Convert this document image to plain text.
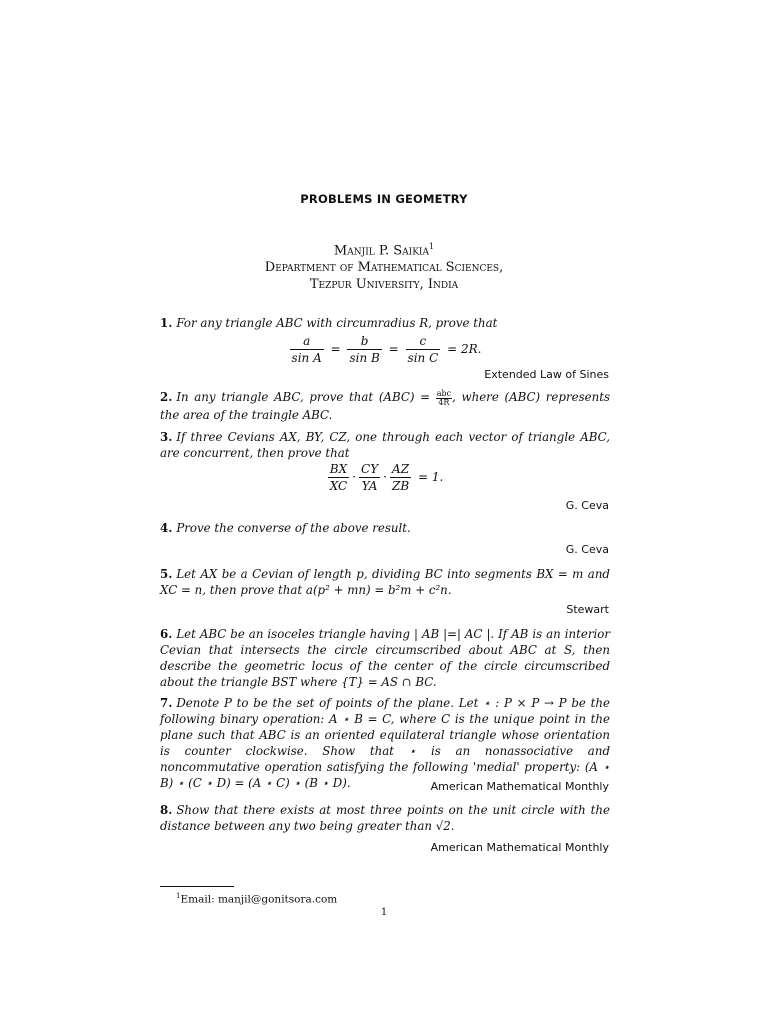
PROBLEMS IN GEOMETRY
Manjil P. Saikia$^1$
Department of Mathematical Sciences,
Tezpur University, India
1. For any triangle ABC with circumradius R, prove that
$\frac{a}{\text{sin A}} = \frac{b}{\text{sin B}} = \frac{c}{\text{sin C}} = 2R$.
Extended Law of Sines
2. In any triangle ABC, prove that (ABC) = abc
4R , where (ABC) represents the area of the traingle ABC.
3. If three Cevians AX, BY, CZ, one through each vector of triangle ABC, are concurrent, then prove that
$\frac{BX}{XC} \cdot \frac{CY}{YA} \cdot \frac{AZ}{ZB} = 1$.
G. Ceva
4. Prove the converse of the above result.
G. Ceva
5. Let AX be a Cevian of length p, dividing BC into segments BX = m and XC = n, then prove that a(p² + mn) = b²m + c²n.
Stewart
6. Let ABC be an isoceles triangle having | AB |=| AC |. If AB is an interior Cevian that intersects the circle circumscribed about ABC at S, then describe the geometric locus of the center of the circle circumscribed about the triangle BST where {T} = AS ∩ BC.
7. Denote P to be the set of points of the plane. Let ⋆ : P × P → P be the following binary operation: A ⋆ B = C, where C is the unique point in the plane such that ABC is an oriented equilateral triangle whose orientation is counter clockwise. Show that ⋆ is an nonassociative and noncommutative operation satisfying the following 'medial' property: (A ⋆ B) ⋆ (C ⋆ D) = (A ⋆ C) ⋆ (B ⋆ D).	American Mathematical Monthly
8. Show that there exists at most three points on the unit circle with the distance between any two being greater than √2.
American Mathematical Monthly
$^1$Email: manjil@gonitsora.com
1
